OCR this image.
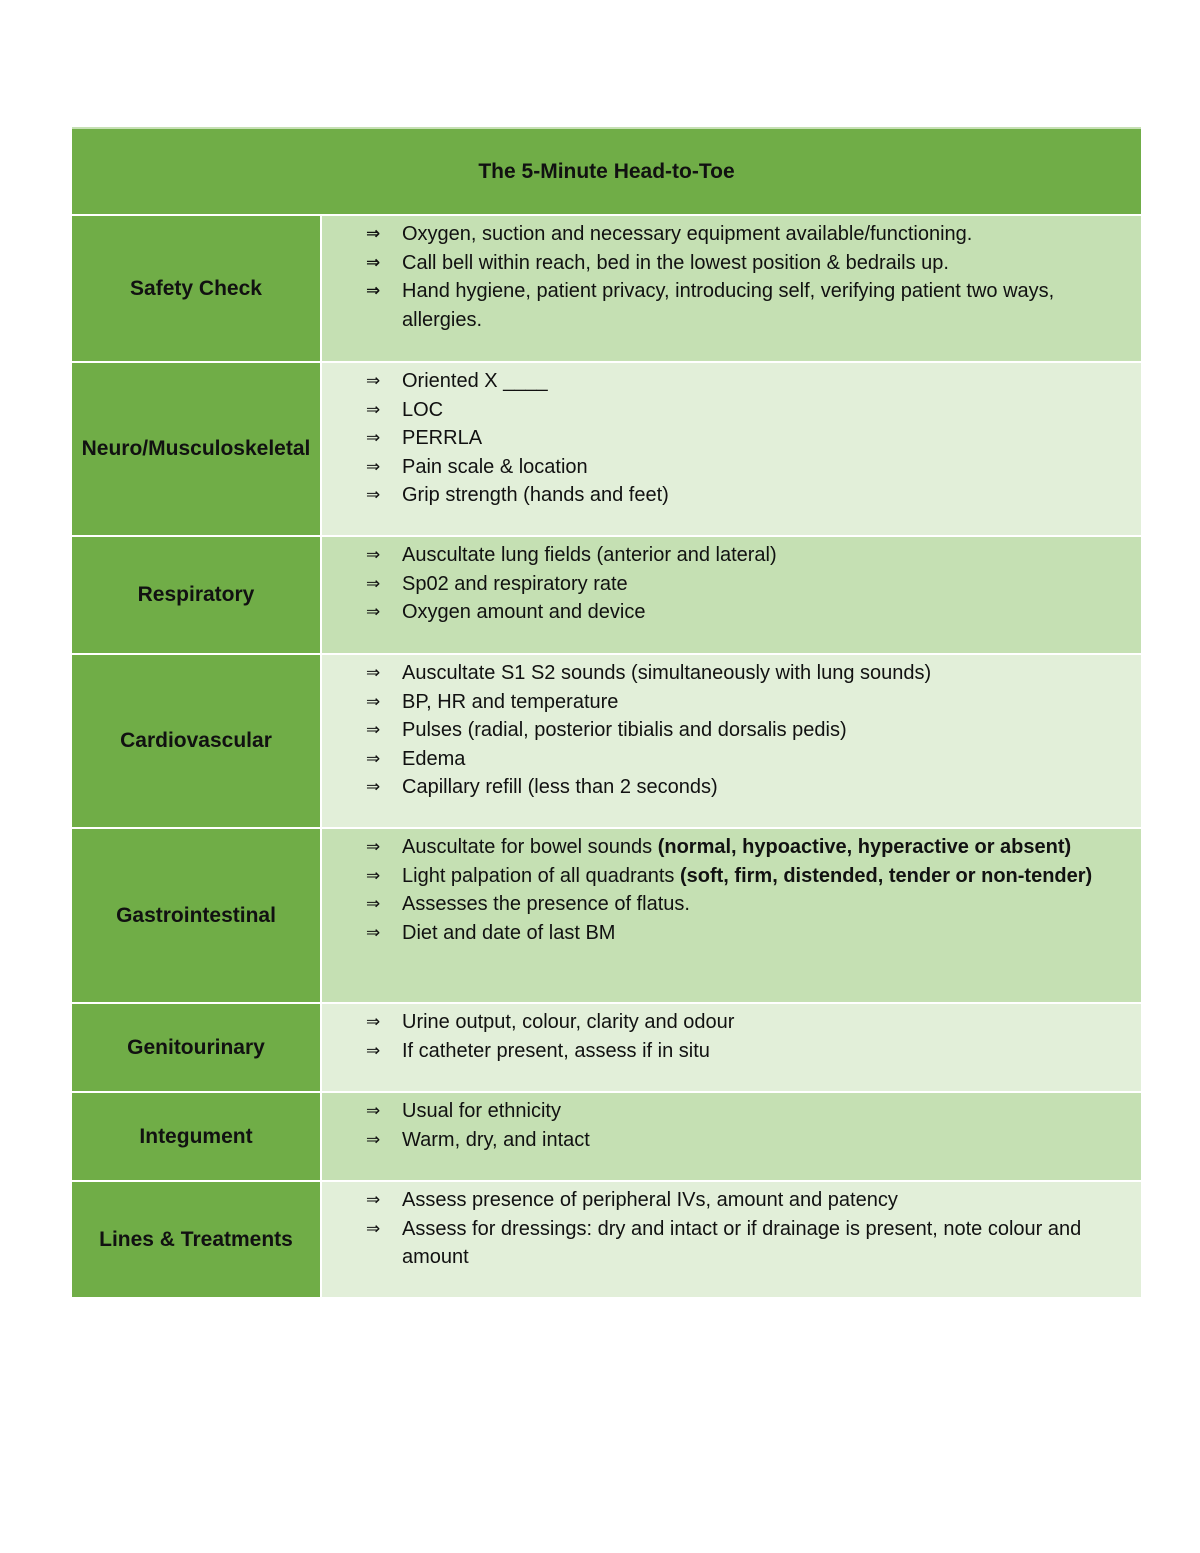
The 5-Minute Head-to-Toe
Safety Check
⇒	Oxygen, suction and necessary equipment available/functioning.
⇒	Call bell within reach, bed in the lowest position & bedrails up.
⇒	Hand hygiene, patient privacy, introducing self, verifying patient two ways, allergies.
Neuro/ Musculoskeletal
⇒	Oriented X ____
⇒	LOC
⇒	PERRLA
⇒	Pain scale & location
⇒	Grip strength (hands and feet)
Respiratory
⇒	Auscultate lung fields (anterior and lateral)
⇒	Sp02 and respiratory rate
⇒	Oxygen amount and device
Cardiovascular
⇒	Auscultate S1 S2 sounds (simultaneously with lung sounds)
⇒	BP, HR and temperature
⇒	Pulses (radial, posterior tibialis and dorsalis pedis)
⇒	Edema
⇒	Capillary refill (less than 2 seconds)
Gastrointestinal
⇒	Auscultate for bowel sounds (normal, hypoactive, hyperactive or absent)
⇒	Light palpation of all quadrants (soft, firm, distended, tender or non-tender)
⇒	Assesses the presence of flatus.
⇒	Diet and date of last BM
Genitourinary
⇒	Urine output, colour, clarity and odour
⇒	If catheter present, assess if in situ
Integument
⇒	Usual for ethnicity
⇒	Warm, dry, and intact
Lines & Treatments
⇒	Assess presence of peripheral IVs, amount and patency
⇒	Assess for dressings: dry and intact or if drainage is present, note colour and amount
